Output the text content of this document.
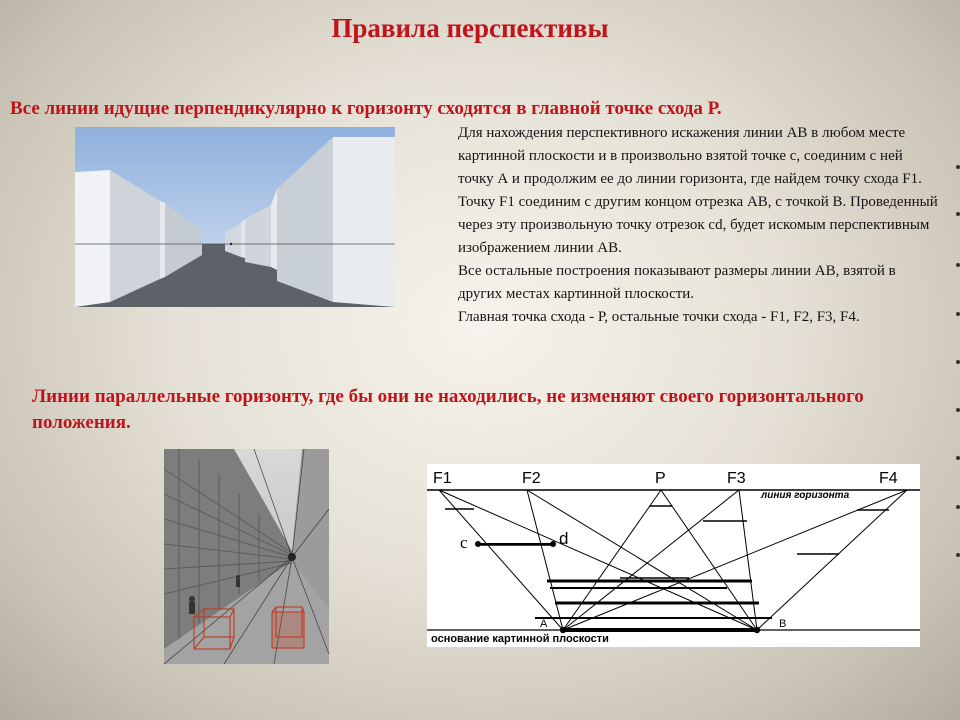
Правила перспективы
Все линии идущие перпендикулярно к горизонту сходятся в главной точке схода Р.

Для нахождения перспективного искажения линии АВ в любом месте картинной плоскости и в произвольно взятой точке с, соединим с ней точку А и продолжим ее до линии горизонта, где найдем точку схода F1. Точку F1 соединим с другим концом отрезка АВ, с точкой В. Проведенный через эту произвольную точку отрезок cd, будет искомым перспективным изображением линии АВ.

Все остальные построения показывают размеры линии АВ, взятой в других местах картинной плоскости.

Главная точка схода - Р, остальные точки схода - F1, F2, F3, F4.

Линии параллельные горизонту, где бы они не находились, не изменяют своего горизонтального положения.
F1	F2	P	F3	F4
линия горизонта
основание картинной плоскости
c	d
A	B
